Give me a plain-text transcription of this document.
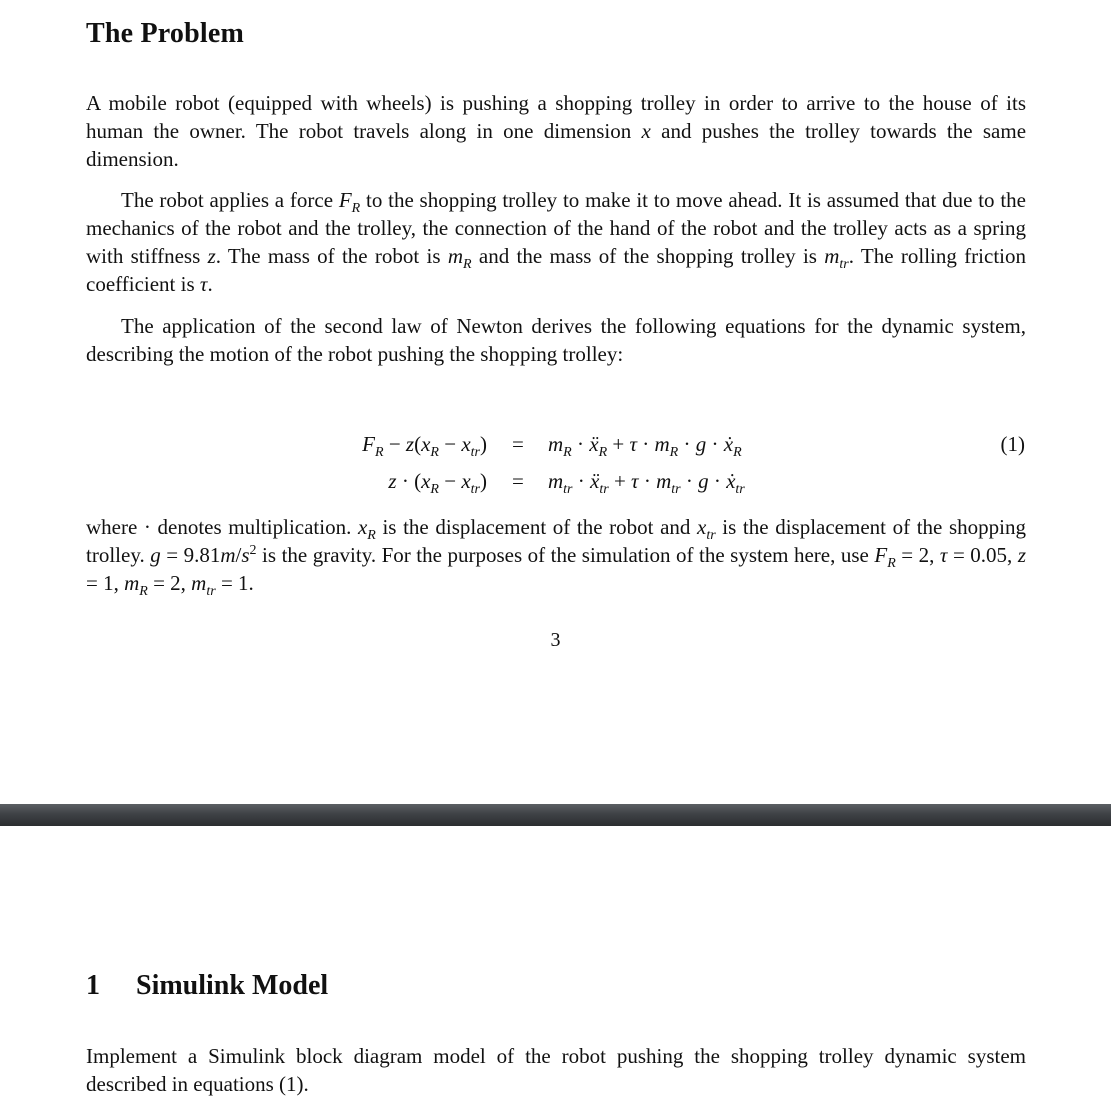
The Problem

A mobile robot (equipped with wheels) is pushing a shopping trolley in order to arrive to the house of its human the owner. The robot travels along in one dimension x and pushes the trolley towards the same dimension.

The robot applies a force $F_R$ to the shopping trolley to make it to move ahead. It is assumed that due to the mechanics of the robot and the trolley, the connection of the hand of the robot and the trolley acts as a spring with stiffness z. The mass of the robot is $m_R$ and the mass of the shopping trolley is $m_{tr}$. The rolling friction coefficient is τ.

The application of the second law of Newton derives the following equations for the dynamic system, describing the motion of the robot pushing the shopping trolley:

$F_R - z(x_R - x_{tr}) = m_R$ · ẍ$_R$ + $\tau \cdot m_R \cdot g$ · ẋ$_R$
$z \cdot (x_R - x_{tr}) = m_{tr}$ · ẍ$_{tr}$ + $\tau \cdot m_{tr} \cdot g$ · ẋ$_{tr}$
(1)

where · denotes multiplication. $x_R$ is the displacement of the robot and $x_{tr}$ is the displacement of the shopping trolley. $g = 9.81m/s^2$ is the gravity. For the purposes of the simulation of the system here, use $F_R = 2$, τ = 0.05, z = 1, $m_R = 2$, $m_{tr} = 1$.

3
1 Simulink Model

Implement a Simulink block diagram model of the robot pushing the shopping trolley dynamic system described in equations (1).
